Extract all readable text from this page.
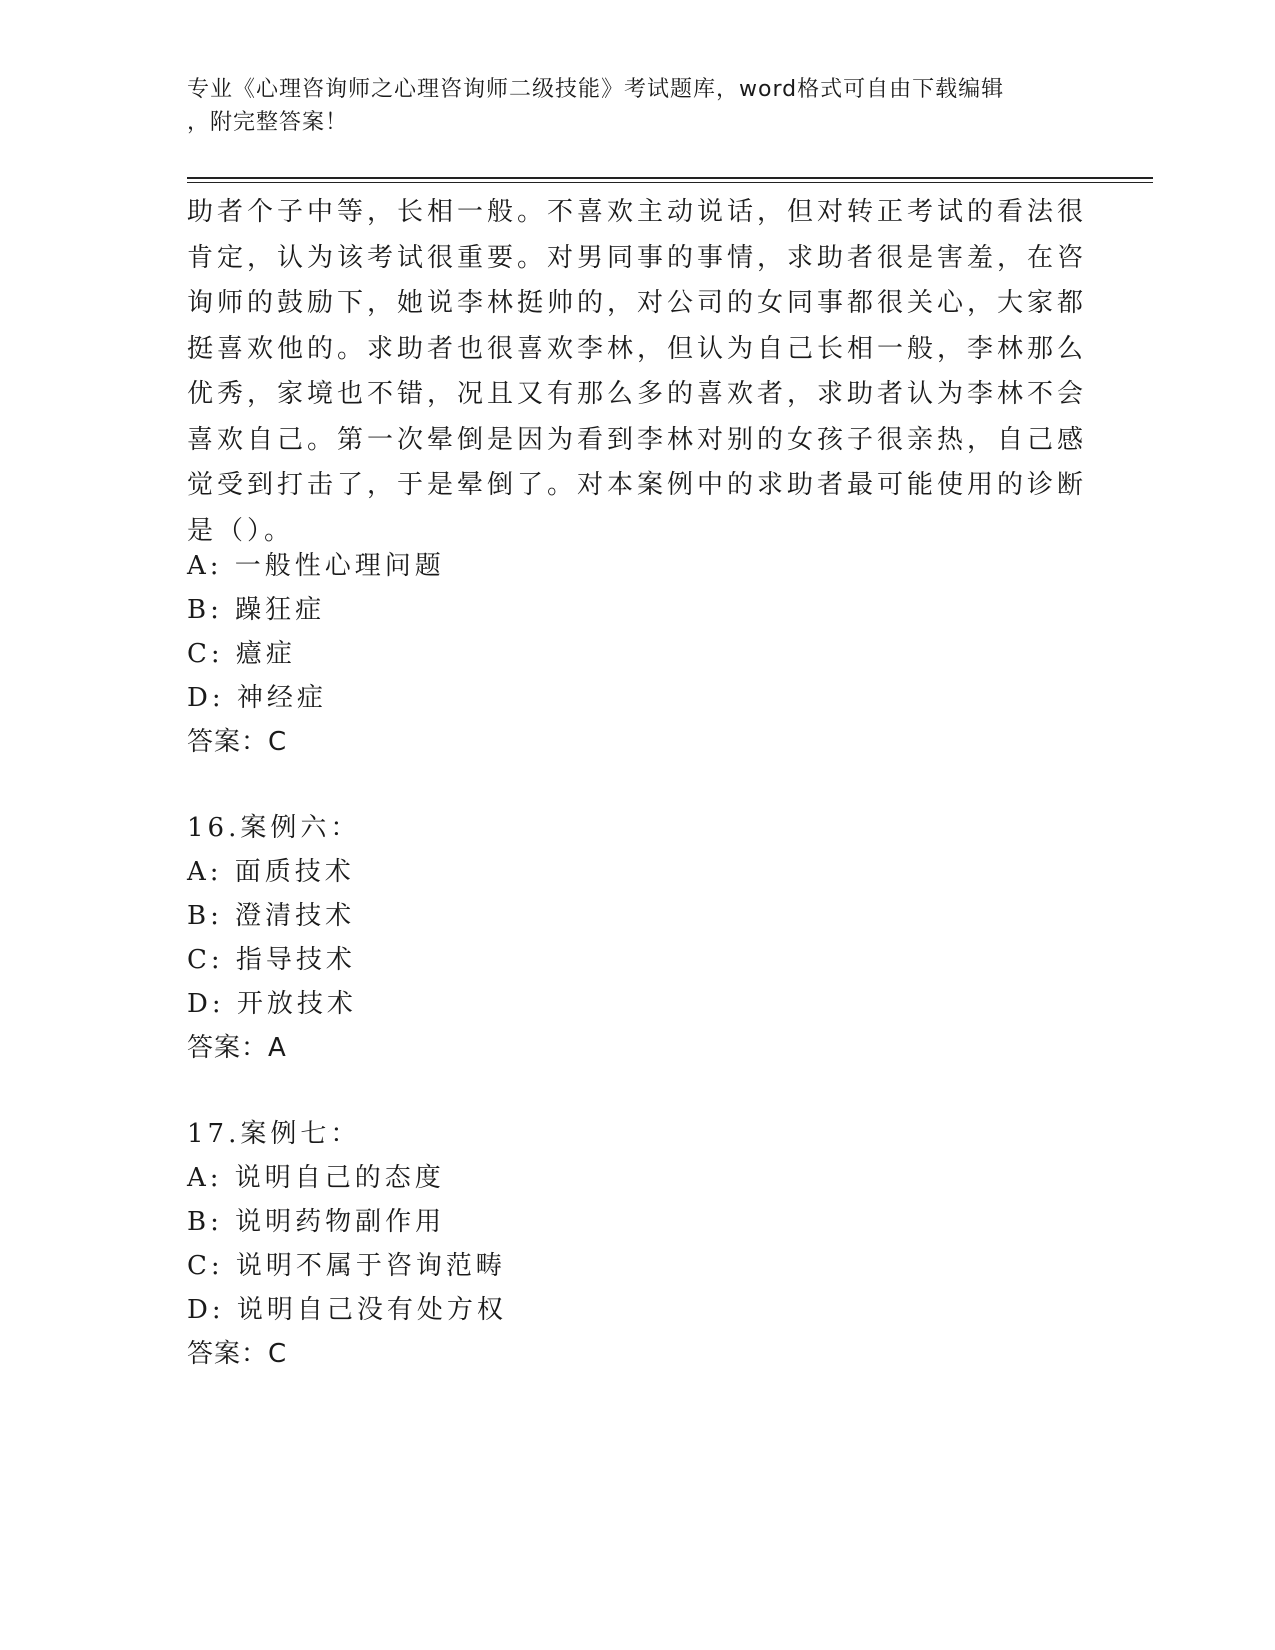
专业《心理咨询师之心理咨询师二级技能》考试题库，word格式可自由下载编辑
，附完整答案！
助者个子中等，长相一般。不喜欢主动说话，但对转正考试的看法很
肯定，认为该考试很重要。对男同事的事情，求助者很是害羞，在咨
询师的鼓励下，她说李林挺帅的，对公司的女同事都很关心，大家都
挺喜欢他的。求助者也很喜欢李林，但认为自己长相一般，李林那么
优秀，家境也不错，况且又有那么多的喜欢者，求助者认为李林不会
喜欢自己。第一次晕倒是因为看到李林对别的女孩子很亲热，自己感
觉受到打击了，于是晕倒了。对本案例中的求助者最可能使用的诊断
是（）。
A: 一般性心理问题
B: 躁狂症
C: 癔症
D: 神经症
答案：C
16.案例六：
A: 面质技术
B: 澄清技术
C: 指导技术
D: 开放技术
答案：A
17.案例七：
A: 说明自己的态度
B: 说明药物副作用
C: 说明不属于咨询范畴
D: 说明自己没有处方权
答案：C
